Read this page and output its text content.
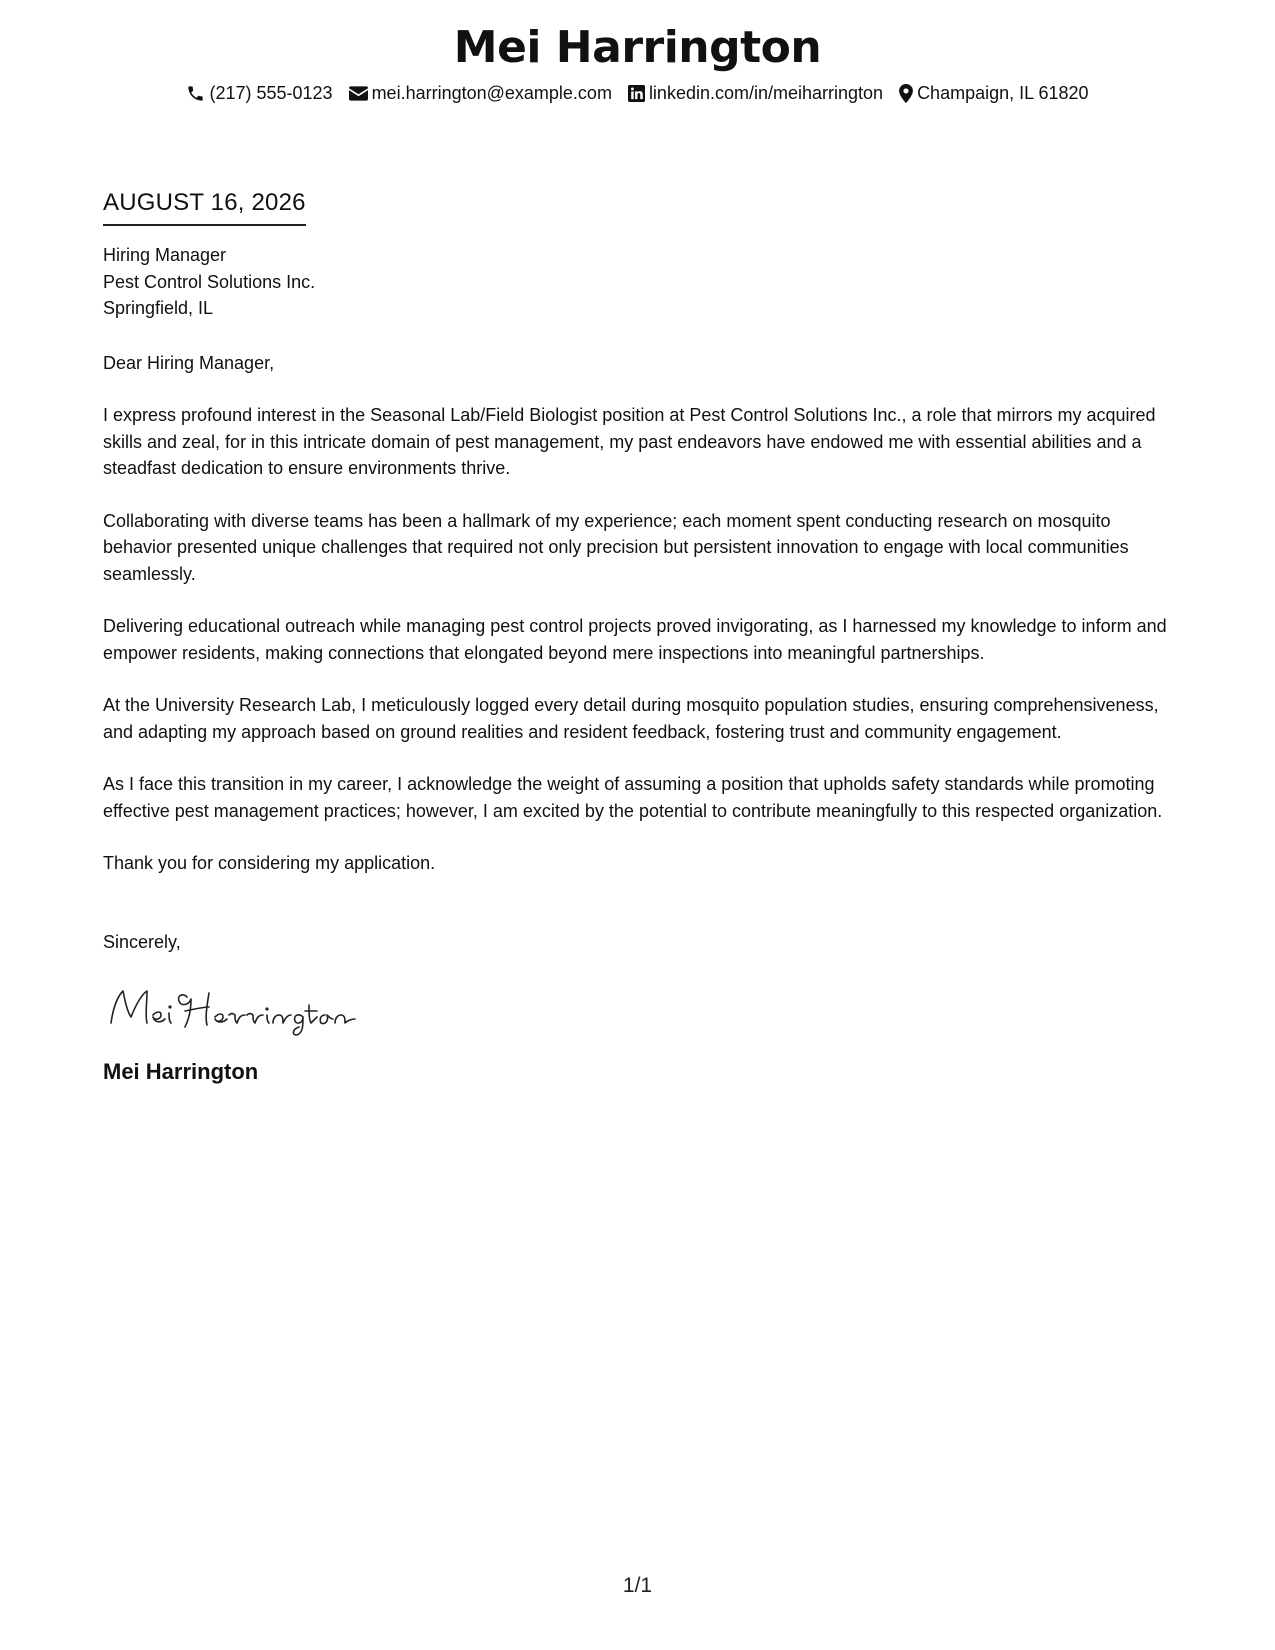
Mei Harrington
(217) 555-0123 mei.harrington@example.com linkedin.com/in/meiharrington Champaign, IL 61820
AUGUST 16, 2026
Hiring Manager
Pest Control Solutions Inc.
Springfield, IL
Dear Hiring Manager,
I express profound interest in the Seasonal Lab/Field Biologist position at Pest Control Solutions Inc., a role that mirrors my acquired skills and zeal, for in this intricate domain of pest management, my past endeavors have endowed me with essential abilities and a steadfast dedication to ensure environments thrive.
Collaborating with diverse teams has been a hallmark of my experience; each moment spent conducting research on mosquito behavior presented unique challenges that required not only precision but persistent innovation to engage with local communities seamlessly.
Delivering educational outreach while managing pest control projects proved invigorating, as I harnessed my knowledge to inform and empower residents, making connections that elongated beyond mere inspections into meaningful partnerships.
At the University Research Lab, I meticulously logged every detail during mosquito population studies, ensuring comprehensiveness, and adapting my approach based on ground realities and resident feedback, fostering trust and community engagement.
As I face this transition in my career, I acknowledge the weight of assuming a position that upholds safety standards while promoting effective pest management practices; however, I am excited by the potential to contribute meaningfully to this respected organization.
Thank you for considering my application.
Sincerely,
Mei Harrington
1/1
